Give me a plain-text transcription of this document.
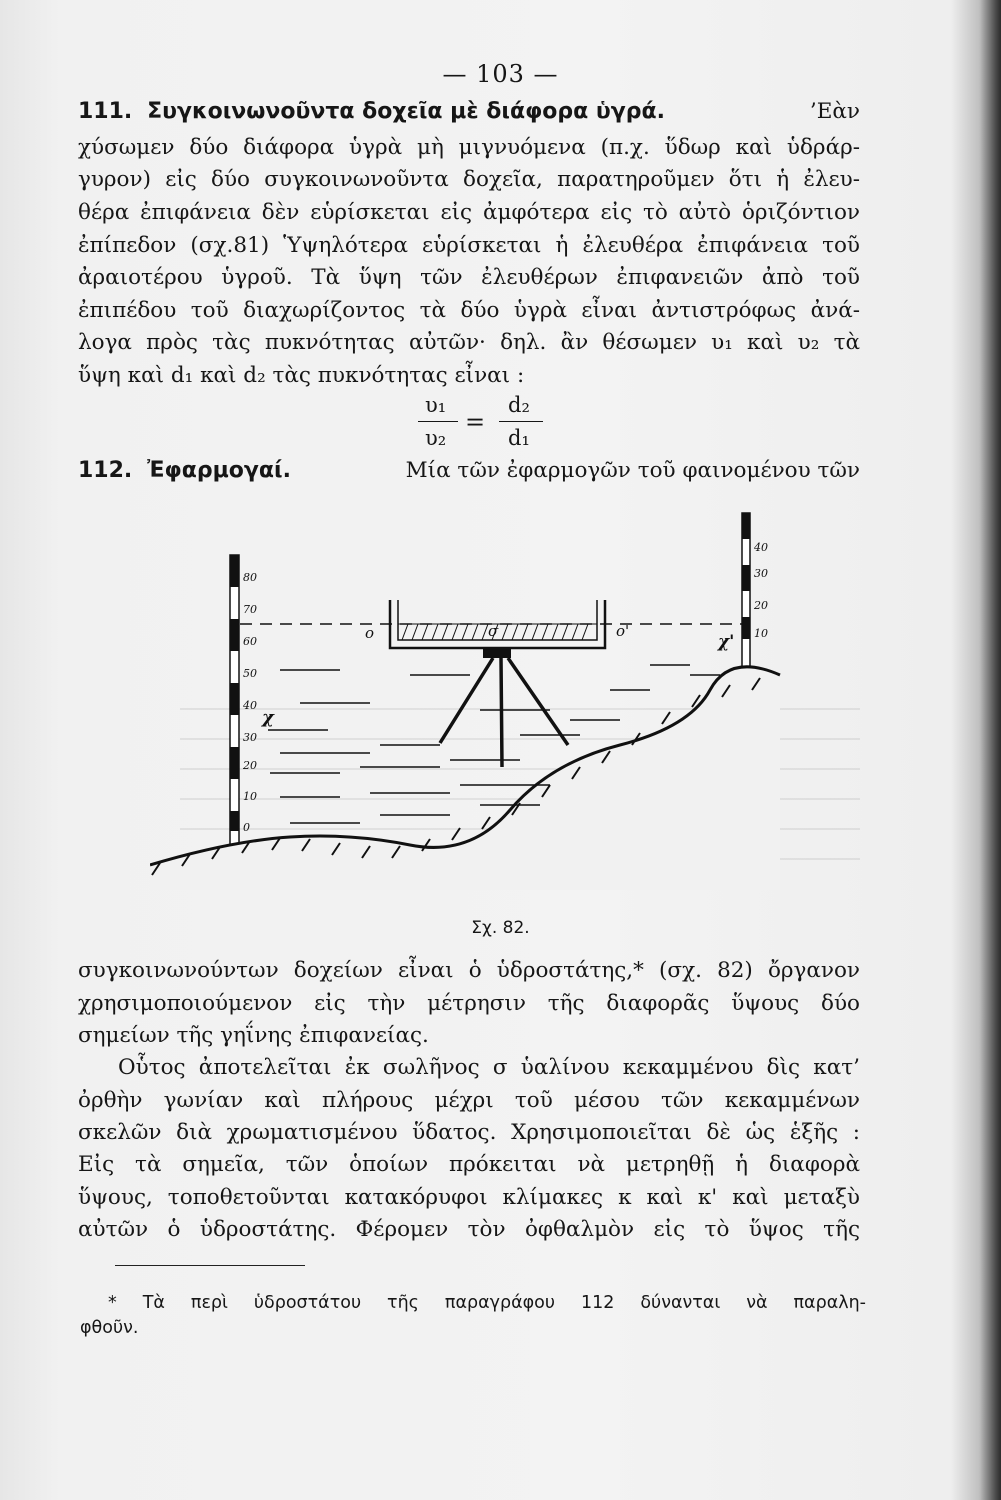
— 103 —
111. Συγκοινωνοῦντα δοχεῖα μὲ διάφορα ὑγρά.	’Εὰν
χύσωμεν δύο διάφορα ὑγρὰ μὴ μιγνυόμενα (π.χ. ὕδωρ καὶ ὑδράρ-
γυρον) εἰς δύο συγκοινωνοῦντα δοχεῖα, παρατηροῦμεν ὅτι ἡ ἐλευ-
θέρα ἐπιφάνεια δὲν εὑρίσκεται εἰς ἀμφότερα εἰς τὸ αὐτὸ ὁριζόντιον
ἐπίπεδον (σχ.81) Ὑψηλότερα εὑρίσκεται ἡ ἐλευθέρα ἐπιφάνεια τοῦ
ἀραιοτέρου ὑγροῦ. Τὰ ὕψη τῶν ἐλευθέρων ἐπιφανειῶν ἀπὸ τοῦ
ἐπιπέδου τοῦ διαχωρίζοντος τὰ δύο ὑγρὰ εἶναι ἀντιστρόφως ἀνά-
λογα πρὸς τὰς πυκνότητας αὐτῶν· δηλ. ἂν θέσωμεν υ₁ καὶ υ₂ τὰ
ὕψη καὶ d₁ καὶ d₂ τὰς πυκνότητας εἶναι :
υ₁
υ₂
=
d₂
d₁
112. Ἐφαρμογαί.	Μία τῶν ἐφαρμογῶν τοῦ φαινομένου τῶν
80
70
60
50
40
30
20
10
0
40
30
20
10
ο	σ	ο'
χ
χ'
Σχ. 82.
συγκοινωνούντων δοχείων εἶναι ὁ ὑδροστάτης,* (σχ. 82) ὄργανον
χρησιμοποιούμενον εἰς τὴν μέτρησιν τῆς διαφορᾶς ὕψους δύο
σημείων τῆς γηΐνης ἐπιφανείας.
Οὗτος ἀποτελεῖται ἐκ σωλῆνος σ ὑαλίνου κεκαμμένου δὶς κατ’
ὀρθὴν γωνίαν καὶ πλήρους μέχρι τοῦ μέσου τῶν κεκαμμένων
σκελῶν διὰ χρωματισμένου ὕδατος. Χρησιμοποιεῖται δὲ ὡς ἑξῆς :
Εἰς τὰ σημεῖα, τῶν ὁποίων πρόκειται νὰ μετρηθῇ ἡ διαφορὰ
ὕψους, τοποθετοῦνται κατακόρυφοι κλίμακες κ καὶ κ' καὶ μεταξὺ
αὐτῶν ὁ ὑδροστάτης. Φέρομεν τὸν ὀφθαλμὸν εἰς τὸ ὕψος τῆς
* Τὰ περὶ ὑδροστάτου τῆς παραγράφου 112 δύνανται νὰ παραλη-
φθοῦν.
